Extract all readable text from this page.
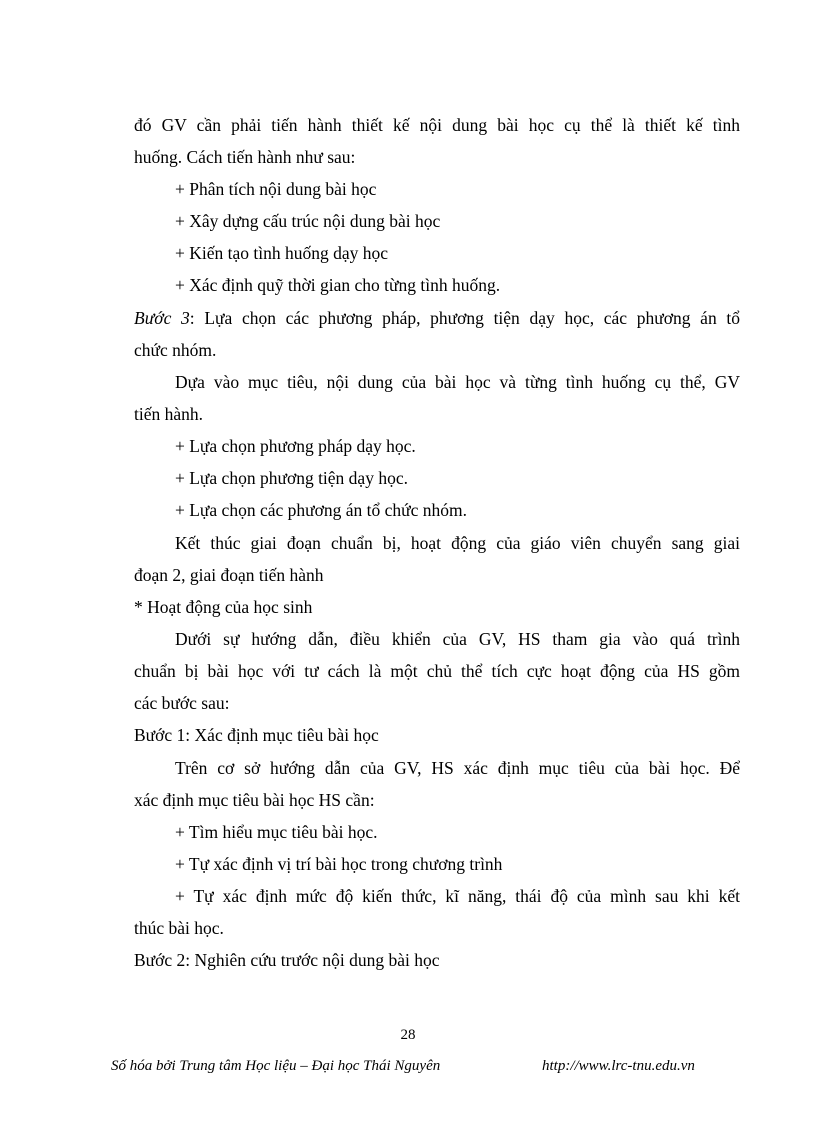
đó GV cần phải tiến hành thiết kế nội dung bài học cụ thể là thiết kế tình
huống. Cách tiến hành như sau:
+ Phân tích nội dung bài học
+ Xây dựng cấu trúc nội dung bài học
+ Kiến tạo tình huống dạy học
+ Xác định quỹ thời gian cho từng tình huống.
Bước 3: Lựa chọn các phương pháp, phương tiện dạy học, các phương án tổ
chức nhóm.
Dựa vào mục tiêu, nội dung của bài học và từng tình huống cụ thể, GV
tiến hành.
+ Lựa chọn phương pháp dạy học.
+ Lựa chọn phương tiện dạy học.
+ Lựa chọn các phương án tổ chức nhóm.
Kết thúc giai đoạn chuẩn bị, hoạt động của giáo viên chuyển sang giai
đoạn 2, giai đoạn tiến hành
* Hoạt động của học sinh
Dưới sự hướng dẫn, điều khiển của GV, HS tham gia vào quá trình
chuẩn bị bài học với tư cách là một chủ thể tích cực hoạt động của HS gồm
các bước sau:
Bước 1: Xác định mục tiêu bài học
Trên cơ sở hướng dẫn của GV, HS xác định mục tiêu của bài học. Để
xác định mục tiêu bài học HS cần:
+ Tìm hiểu mục tiêu bài học.
+ Tự xác định vị trí bài học trong chương trình
+ Tự xác định mức độ kiến thức, kĩ năng, thái độ của mình sau khi kết
thúc bài học.
Bước 2: Nghiên cứu trước nội dung bài học
28
Số hóa bởi Trung tâm Học liệu – Đại học Thái Nguyên	http://www.lrc-tnu.edu.vn
